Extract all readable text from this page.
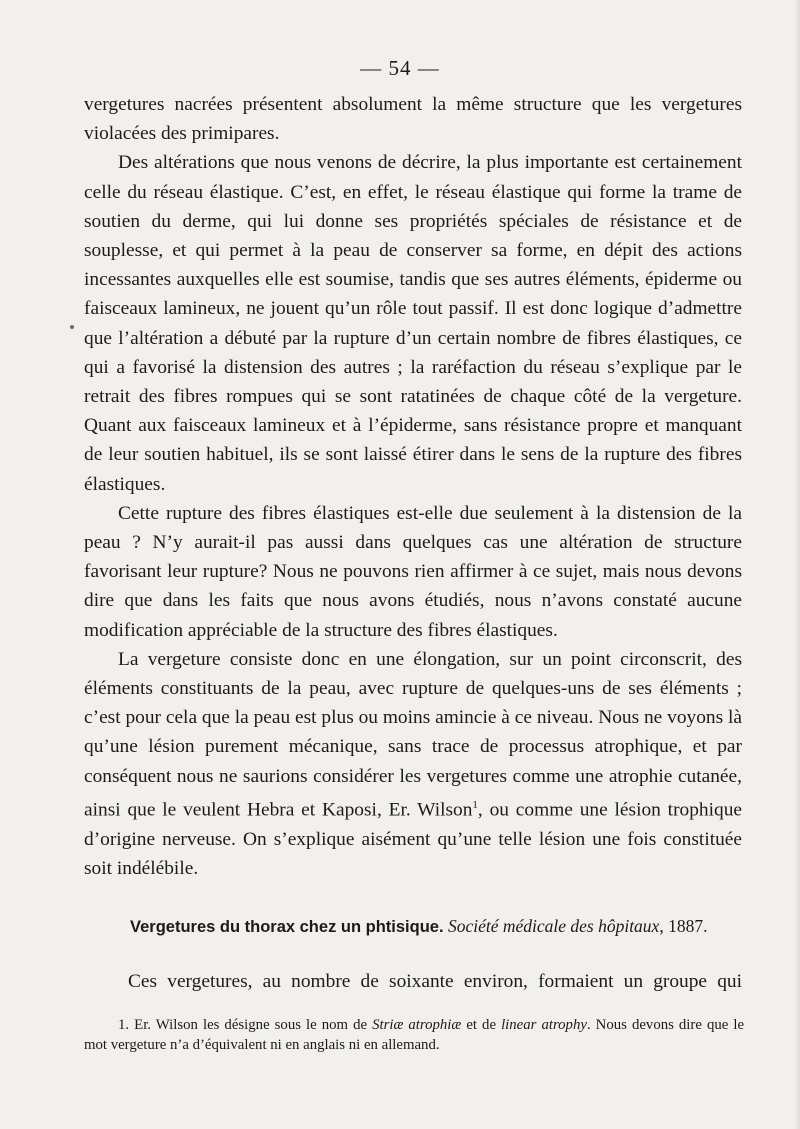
— 54 —

vergetures nacrées présentent absolument la même structure que les vergetures violacées des primipares.

Des altérations que nous venons de décrire, la plus importante est certainement celle du réseau élastique. C’est, en effet, le réseau élastique qui forme la trame de soutien du derme, qui lui donne ses propriétés spéciales de résistance et de souplesse, et qui permet à la peau de conserver sa forme, en dépit des actions incessantes auxquelles elle est soumise, tandis que ses autres éléments, épiderme ou faisceaux lamineux, ne jouent qu’un rôle tout passif. Il est donc logique d’admettre que l’altération a débuté par la rupture d’un certain nombre de fibres élastiques, ce qui a favorisé la distension des autres ; la raréfaction du réseau s’explique par le retrait des fibres rompues qui se sont ratatinées de chaque côté de la vergeture. Quant aux faisceaux lamineux et à l’épiderme, sans résistance propre et manquant de leur soutien habituel, ils se sont laissé étirer dans le sens de la rupture des fibres élastiques.

Cette rupture des fibres élastiques est-elle due seulement à la distension de la peau ? N’y aurait-il pas aussi dans quelques cas une altération de structure favorisant leur rupture? Nous ne pouvons rien affirmer à ce sujet, mais nous devons dire que dans les faits que nous avons étudiés, nous n’avons constaté aucune modification appréciable de la structure des fibres élastiques.

La vergeture consiste donc en une élongation, sur un point circonscrit, des éléments constituants de la peau, avec rupture de quelques-uns de ses éléments ; c’est pour cela que la peau est plus ou moins amincie à ce niveau. Nous ne voyons là qu’une lésion purement mécanique, sans trace de processus atrophique, et par conséquent nous ne saurions considérer les vergetures comme une atrophie cutanée, ainsi que le veulent Hebra et Kaposi, Er. Wilson$^1$, ou comme une lésion trophique d’origine nerveuse. On s’explique aisément qu’une telle lésion une fois constituée soit indélébile.

Vergetures du thorax chez un phtisique. Société médicale des hôpitaux, 1887.
Ces vergetures, au nombre de soixante environ, formaient un groupe qui
1. Er. Wilson les désigne sous le nom de Striæ atrophiæ et de linear atrophy. Nous devons dire que le mot vergeture n’a d’équivalent ni en anglais ni en allemand.
